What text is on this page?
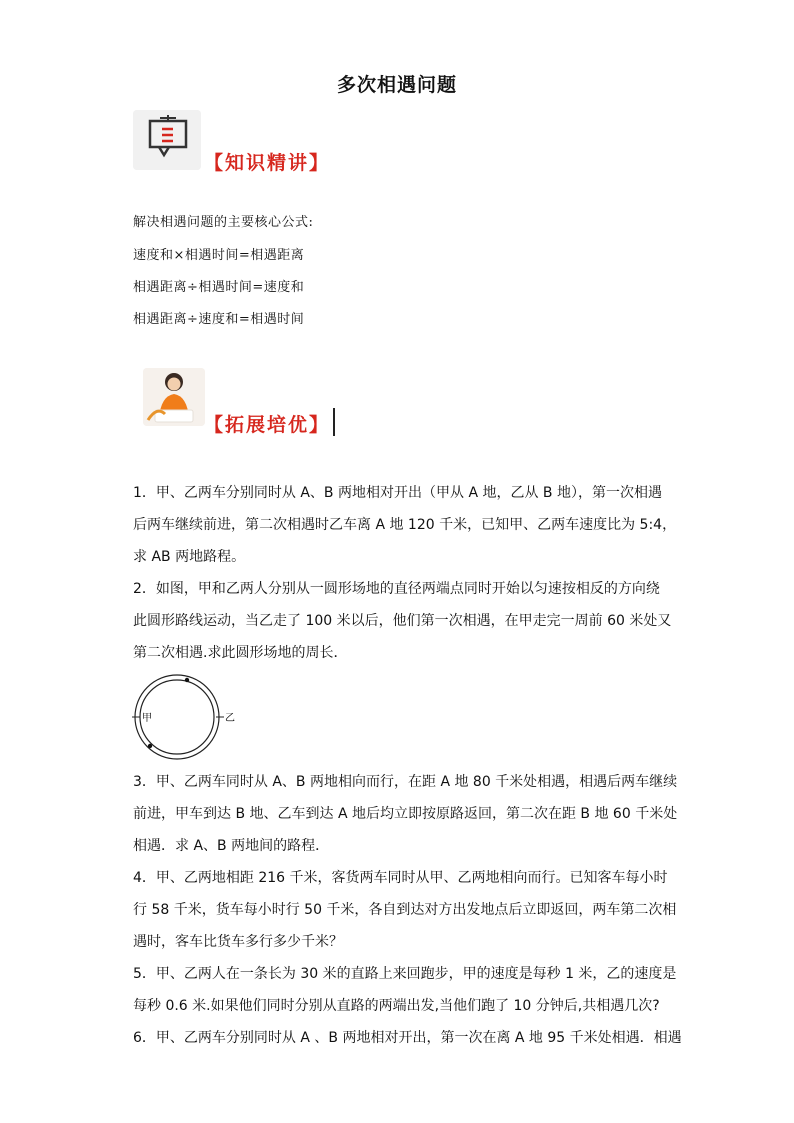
多次相遇问题
【知识精讲】
解决相遇问题的主要核心公式:
速度和×相遇时间=相遇距离
相遇距离÷相遇时间=速度和
相遇距离÷速度和=相遇时间
【拓展培优】
1．甲、乙两车分别同时从 A、B 两地相对开出（甲从 A 地，乙从 B 地），第一次相遇
后两车继续前进，第二次相遇时乙车离 A 地 120 千米，已知甲、乙两车速度比为 5:4，
求 AB 两地路程。
2．如图，甲和乙两人分别从一圆形场地的直径两端点同时开始以匀速按相反的方向绕
此圆形路线运动，当乙走了 100 米以后，他们第一次相遇，在甲走完一周前 60 米处又
第二次相遇.求此圆形场地的周长．
甲	乙
3．甲、乙两车同时从 A、B 两地相向而行，在距 A 地 80 千米处相遇，相遇后两车继续
前进，甲车到达 B 地、乙车到达 A 地后均立即按原路返回，第二次在距 B 地 60 千米处
相遇．求 A、B 两地间的路程．
4．甲、乙两地相距 216 千米，客货两车同时从甲、乙两地相向而行。已知客车每小时
行 58 千米，货车每小时行 50 千米，各自到达对方出发地点后立即返回，两车第二次相
遇时，客车比货车多行多少千米？
5．甲、乙两人在一条长为 30 米的直路上来回跑步，甲的速度是每秒 1 米，乙的速度是
每秒 0.6 米.如果他们同时分别从直路的两端出发,当他们跑了 10 分钟后,共相遇几次?
6．甲、乙两车分别同时从 A 、B 两地相对开出，第一次在离 A 地 95 千米处相遇．相遇
